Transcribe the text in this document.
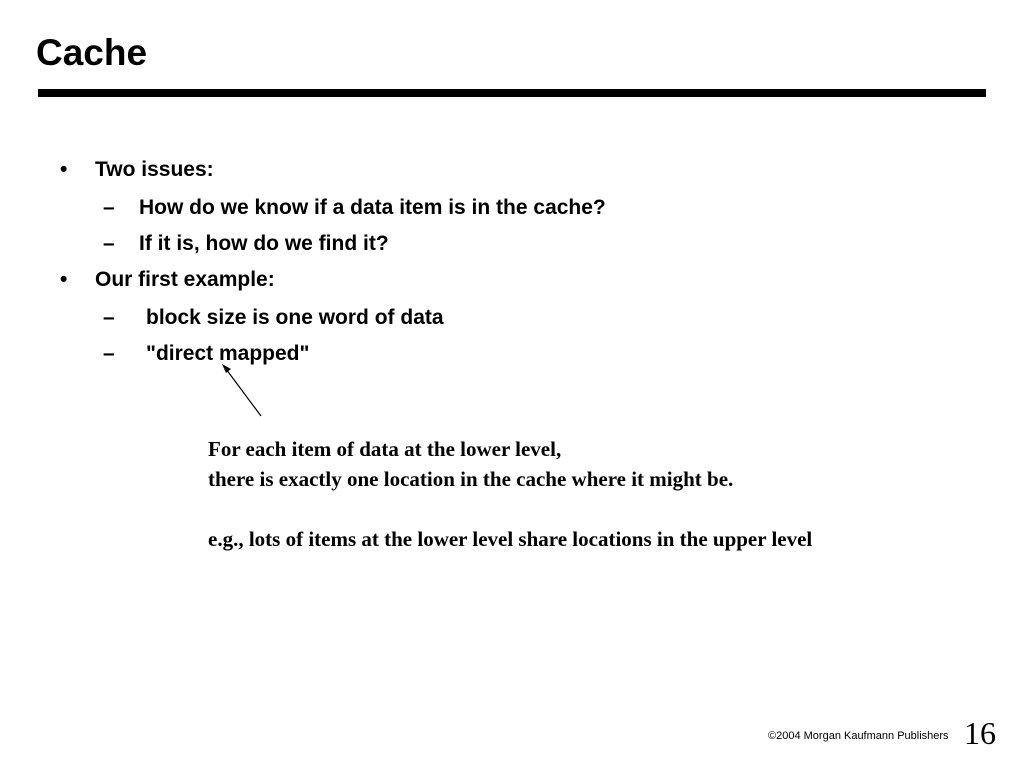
Cache
• Two issues:
– How do we know if a data item is in the cache?
– If it is, how do we find it?
• Our first example:
– block size is one word of data
– "direct mapped"
For each item of data at the lower level,
there is exactly one location in the cache where it might be.
e.g., lots of items at the lower level share locations in the upper level
©2004 Morgan Kaufmann Publishers 16
